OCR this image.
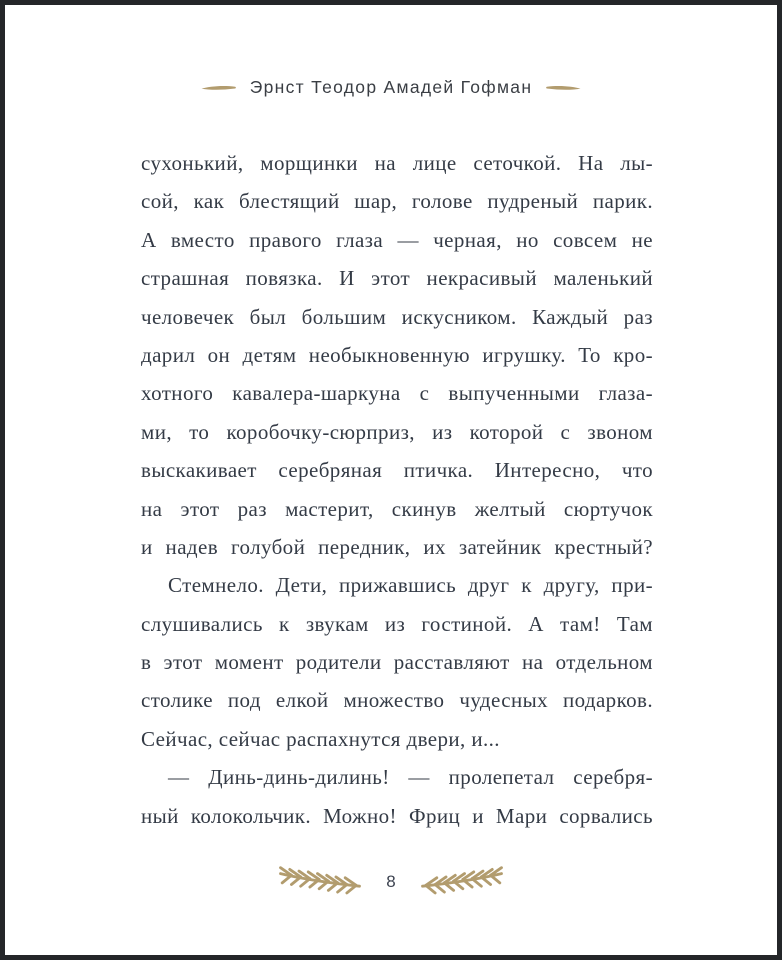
Эрнст Теодор Амадей Гофман
сухонький, морщинки на лице сеточкой. На лы-
сой, как блестящий шар, голове пудреный парик.
А вместо правого глаза — черная, но совсем не
страшная повязка. И этот некрасивый маленький
человечек был большим искусником. Каждый раз
дарил он детям необыкновенную игрушку. То кро-
хотного кавалера-шаркуна с выпученными глаза-
ми, то коробочку-сюрприз, из которой с звоном
выскакивает серебряная птичка. Интересно, что
на этот раз мастерит, скинув желтый сюртучок
и надев голубой передник, их затейник крестный?
Стемнело. Дети, прижавшись друг к другу, при-
слушивались к звукам из гостиной. А там! Там
в этот момент родители расставляют на отдельном
столике под елкой множество чудесных подарков.
Сейчас, сейчас распахнутся двери, и...
— Динь-динь-дилинь! — пролепетал серебря-
ный колокольчик. Можно! Фриц и Мари сорвались
8
